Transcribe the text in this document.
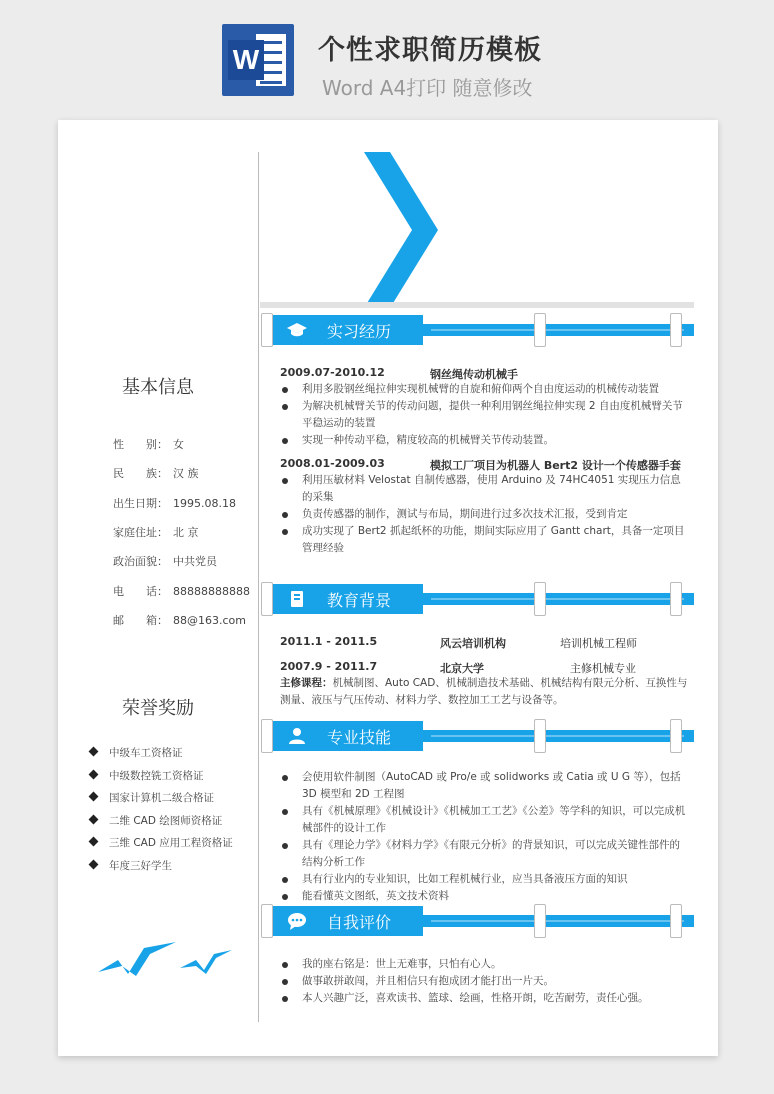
W 个性求职简历模板
Word A4打印 随意修改
基本信息
性　　别： 女
民　　族： 汉 族
出生日期： 1995.08.18
家庭住址： 北 京
政治面貌： 中共党员
电　　话： 88888888888
邮　　箱： 88@163.com
荣誉奖励
中级车工资格证
中级数控铣工资格证
国家计算机二级合格证
二维 CAD 绘图师资格证
三维 CAD 应用工程资格证
年度三好学生
实习经历
教育背景
专业技能
自我评价
2009.07-2010.12	钢丝绳传动机械手
利用多股钢丝绳拉伸实现机械臂的自旋和俯仰两个自由度运动的机械传动装置
为解决机械臂关节的传动问题，提供一种利用钢丝绳拉伸实现 2 自由度机械臂关节平稳运动的装置
实现一种传动平稳，精度较高的机械臂关节传动装置。
2008.01-2009.03	模拟工厂项目为机器人 Bert2 设计一个传感器手套
利用压敏材料 Velostat 自制传感器，使用 Arduino 及 74HC4051 实现压力信息的采集
负责传感器的制作，测试与布局，期间进行过多次技术汇报，受到肯定
成功实现了 Bert2 抓起纸杯的功能，期间实际应用了 Gantt chart，具备一定项目管理经验
2011.1 - 2011.5	风云培训机构	培训机械工程师
2007.9 - 2011.7	北京大学	主修机械专业
主修课程：机械制图、Auto CAD、机械制造技术基础、机械结构有限元分析、互换性与测量、液压与气压传动、材料力学、数控加工工艺与设备等。
会使用软件制图（AutoCAD 或 Pro/e 或 solidworks 或 Catia 或 U G 等），包括 3D 模型和 2D 工程图
具有《机械原理》《机械设计》《机械加工工艺》《公差》等学科的知识，可以完成机械部件的设计工作
具有《理论力学》《材料力学》《有限元分析》的背景知识，可以完成关键性部件的结构分析工作
具有行业内的专业知识，比如工程机械行业，应当具备液压方面的知识
能看懂英文图纸，英文技术资料
我的座右铭是：世上无难事，只怕有心人。
做事敢拼敢闯，并且相信只有抱成团才能打出一片天。
本人兴趣广泛，喜欢读书、篮球、绘画，性格开朗，吃苦耐劳，责任心强。
